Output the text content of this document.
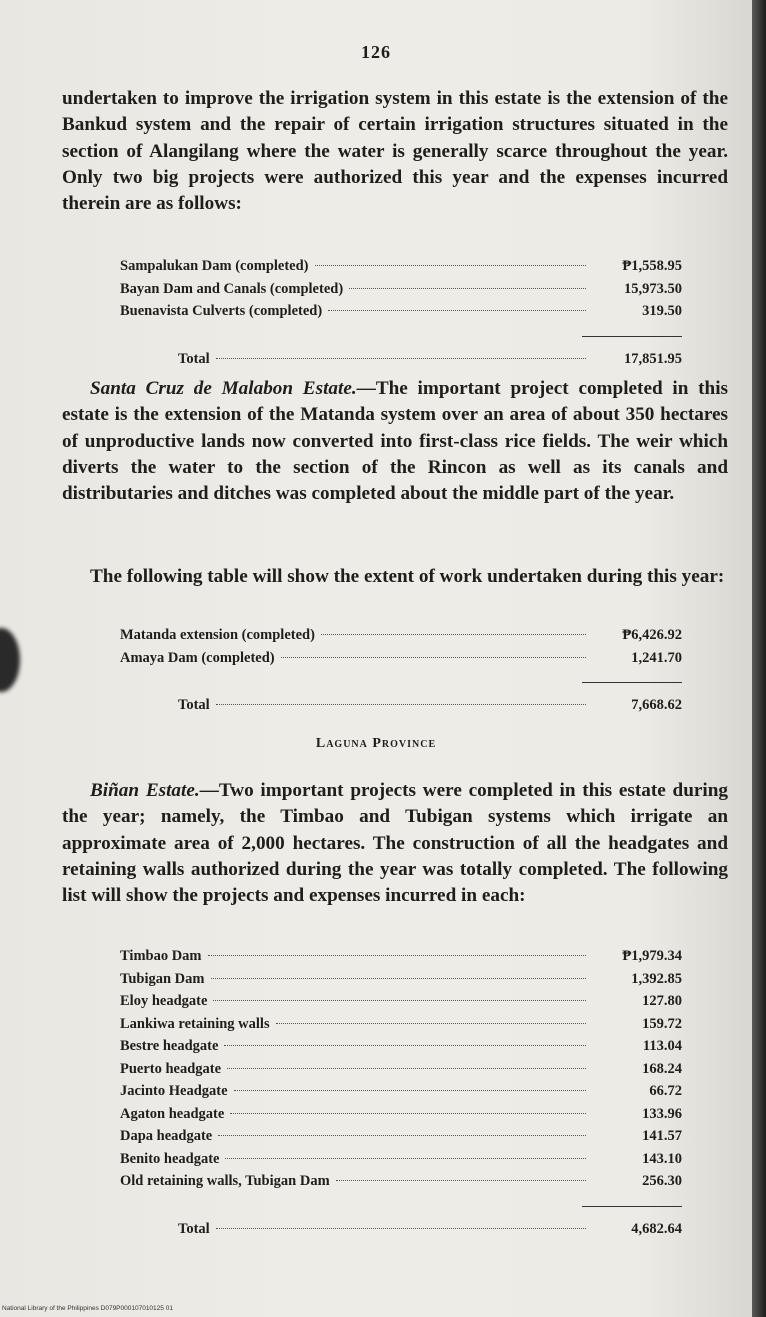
126
undertaken to improve the irrigation system in this estate is the extension of the Bankud system and the repair of certain irrigation structures situated in the section of Alangilang where the water is generally scarce throughout the year. Only two big projects were authorized this year and the expenses incurred therein are as follows:
Sampalukan Dam (completed)	₱1,558.95
Bayan Dam and Canals (completed)	15,973.50
Buenavista Culverts (completed)	319.50
Total	17,851.95
Santa Cruz de Malabon Estate.—The important project completed in this estate is the extension of the Matanda system over an area of about 350 hectares of unproductive lands now converted into first-class rice fields. The weir which diverts the water to the section of the Rincon as well as its canals and distributaries and ditches was completed about the middle part of the year.
The following table will show the extent of work undertaken during this year:
Matanda extension (completed)	₱6,426.92
Amaya Dam (completed)	1,241.70
Total	7,668.62
Laguna Province
Biñan Estate.—Two important projects were completed in this estate during the year; namely, the Timbao and Tubigan systems which irrigate an approximate area of 2,000 hectares. The construction of all the headgates and retaining walls authorized during the year was totally completed. The following list will show the projects and expenses incurred in each:
Timbao Dam	₱1,979.34
Tubigan Dam	1,392.85
Eloy headgate	127.80
Lankiwa retaining walls	159.72
Bestre headgate	113.04
Puerto headgate	168.24
Jacinto Headgate	66.72
Agaton headgate	133.96
Dapa headgate	141.57
Benito headgate	143.10
Old retaining walls, Tubigan Dam	256.30
Total	4,682.64
National Library of the Philippines D079P000107010125 01
